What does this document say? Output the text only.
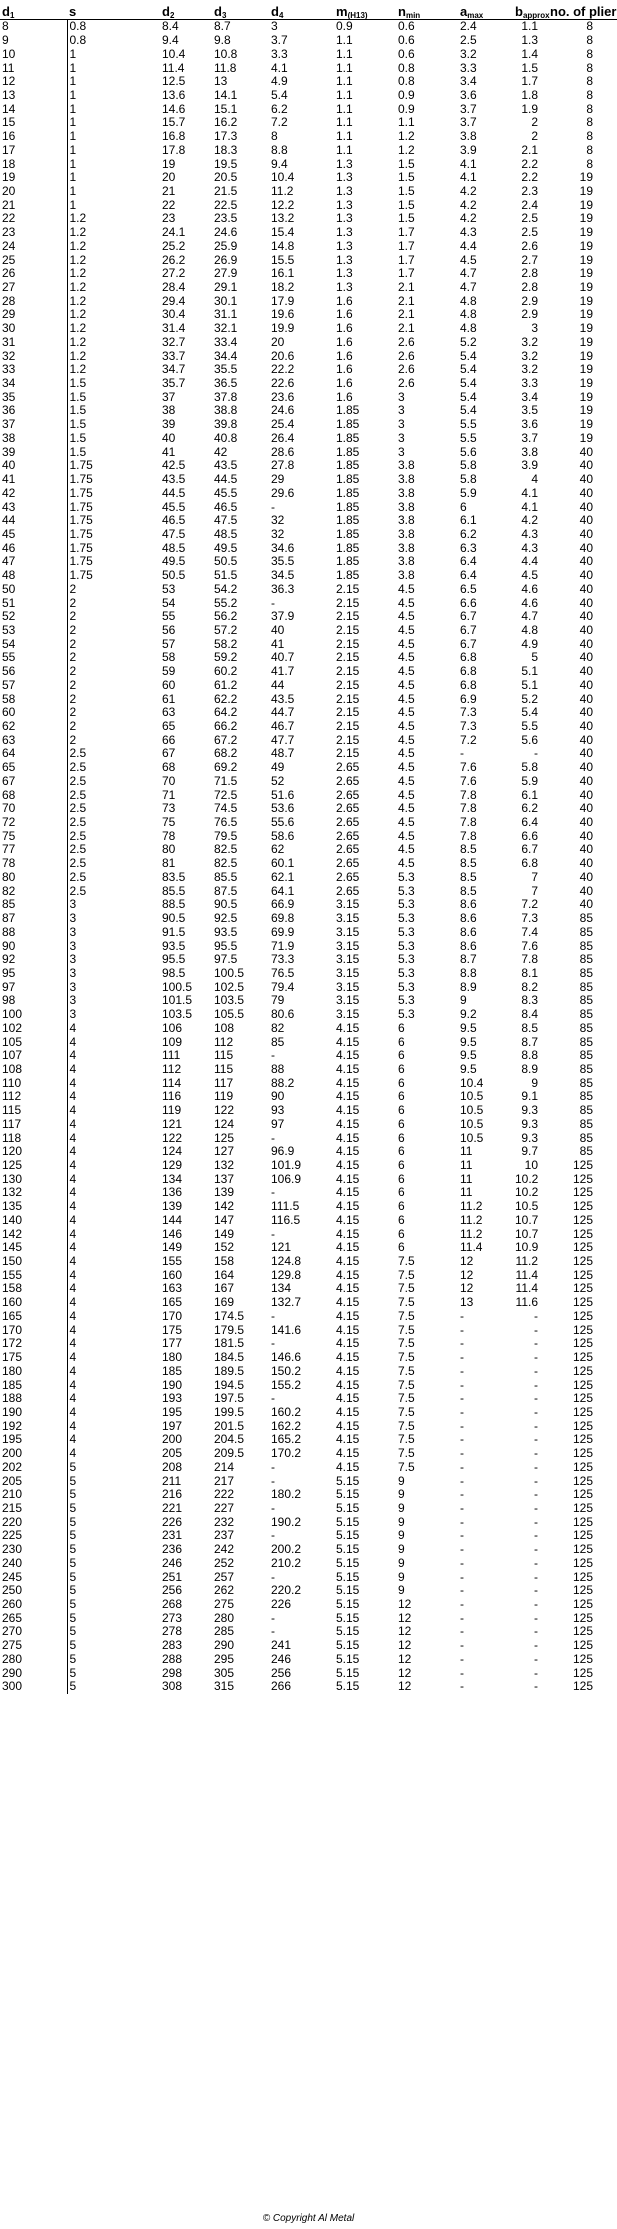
$d_1$	s	$d_2$	$d_3$	$d_4$	$m_{(H13)}$	$n_{min}$	$a_{max}$	$b_{approx}$	no. of plier
8	0.8	8.4	8.7	3	0.9	0.6	2.4	1.1	8
9	0.8	9.4	9.8	3.7	1.1	0.6	2.5	1.3	8
10	1	10.4	10.8	3.3	1.1	0.6	3.2	1.4	8
11	1	11.4	11.8	4.1	1.1	0.8	3.3	1.5	8
12	1	12.5	13	4.9	1.1	0.8	3.4	1.7	8
13	1	13.6	14.1	5.4	1.1	0.9	3.6	1.8	8
14	1	14.6	15.1	6.2	1.1	0.9	3.7	1.9	8
15	1	15.7	16.2	7.2	1.1	1.1	3.7	2	8
16	1	16.8	17.3	8	1.1	1.2	3.8	2	8
17	1	17.8	18.3	8.8	1.1	1.2	3.9	2.1	8
18	1	19	19.5	9.4	1.3	1.5	4.1	2.2	8
19	1	20	20.5	10.4	1.3	1.5	4.1	2.2	19
20	1	21	21.5	11.2	1.3	1.5	4.2	2.3	19
21	1	22	22.5	12.2	1.3	1.5	4.2	2.4	19
22	1.2	23	23.5	13.2	1.3	1.5	4.2	2.5	19
23	1.2	24.1	24.6	15.4	1.3	1.7	4.3	2.5	19
24	1.2	25.2	25.9	14.8	1.3	1.7	4.4	2.6	19
25	1.2	26.2	26.9	15.5	1.3	1.7	4.5	2.7	19
26	1.2	27.2	27.9	16.1	1.3	1.7	4.7	2.8	19
27	1.2	28.4	29.1	18.2	1.3	2.1	4.7	2.8	19
28	1.2	29.4	30.1	17.9	1.6	2.1	4.8	2.9	19
29	1.2	30.4	31.1	19.6	1.6	2.1	4.8	2.9	19
30	1.2	31.4	32.1	19.9	1.6	2.1	4.8	3	19
31	1.2	32.7	33.4	20	1.6	2.6	5.2	3.2	19
32	1.2	33.7	34.4	20.6	1.6	2.6	5.4	3.2	19
33	1.2	34.7	35.5	22.2	1.6	2.6	5.4	3.2	19
34	1.5	35.7	36.5	22.6	1.6	2.6	5.4	3.3	19
35	1.5	37	37.8	23.6	1.6	3	5.4	3.4	19
36	1.5	38	38.8	24.6	1.85	3	5.4	3.5	19
37	1.5	39	39.8	25.4	1.85	3	5.5	3.6	19
38	1.5	40	40.8	26.4	1.85	3	5.5	3.7	19
39	1.5	41	42	28.6	1.85	3	5.6	3.8	40
40	1.75	42.5	43.5	27.8	1.85	3.8	5.8	3.9	40
41	1.75	43.5	44.5	29	1.85	3.8	5.8	4	40
42	1.75	44.5	45.5	29.6	1.85	3.8	5.9	4.1	40
43	1.75	45.5	46.5	-	1.85	3.8	6	4.1	40
44	1.75	46.5	47.5	32	1.85	3.8	6.1	4.2	40
45	1.75	47.5	48.5	32	1.85	3.8	6.2	4.3	40
46	1.75	48.5	49.5	34.6	1.85	3.8	6.3	4.3	40
47	1.75	49.5	50.5	35.5	1.85	3.8	6.4	4.4	40
48	1.75	50.5	51.5	34.5	1.85	3.8	6.4	4.5	40
50	2	53	54.2	36.3	2.15	4.5	6.5	4.6	40
51	2	54	55.2	-	2.15	4.5	6.6	4.6	40
52	2	55	56.2	37.9	2.15	4.5	6.7	4.7	40
53	2	56	57.2	40	2.15	4.5	6.7	4.8	40
54	2	57	58.2	41	2.15	4.5	6.7	4.9	40
55	2	58	59.2	40.7	2.15	4.5	6.8	5	40
56	2	59	60.2	41.7	2.15	4.5	6.8	5.1	40
57	2	60	61.2	44	2.15	4.5	6.8	5.1	40
58	2	61	62.2	43.5	2.15	4.5	6.9	5.2	40
60	2	63	64.2	44.7	2.15	4.5	7.3	5.4	40
62	2	65	66.2	46.7	2.15	4.5	7.3	5.5	40
63	2	66	67.2	47.7	2.15	4.5	7.2	5.6	40
64	2.5	67	68.2	48.7	2.15	4.5	-	-	40
65	2.5	68	69.2	49	2.65	4.5	7.6	5.8	40
67	2.5	70	71.5	52	2.65	4.5	7.6	5.9	40
68	2.5	71	72.5	51.6	2.65	4.5	7.8	6.1	40
70	2.5	73	74.5	53.6	2.65	4.5	7.8	6.2	40
72	2.5	75	76.5	55.6	2.65	4.5	7.8	6.4	40
75	2.5	78	79.5	58.6	2.65	4.5	7.8	6.6	40
77	2.5	80	82.5	62	2.65	4.5	8.5	6.7	40
78	2.5	81	82.5	60.1	2.65	4.5	8.5	6.8	40
80	2.5	83.5	85.5	62.1	2.65	5.3	8.5	7	40
82	2.5	85.5	87.5	64.1	2.65	5.3	8.5	7	40
85	3	88.5	90.5	66.9	3.15	5.3	8.6	7.2	40
87	3	90.5	92.5	69.8	3.15	5.3	8.6	7.3	85
88	3	91.5	93.5	69.9	3.15	5.3	8.6	7.4	85
90	3	93.5	95.5	71.9	3.15	5.3	8.6	7.6	85
92	3	95.5	97.5	73.3	3.15	5.3	8.7	7.8	85
95	3	98.5	100.5	76.5	3.15	5.3	8.8	8.1	85
97	3	100.5	102.5	79.4	3.15	5.3	8.9	8.2	85
98	3	101.5	103.5	79	3.15	5.3	9	8.3	85
100	3	103.5	105.5	80.6	3.15	5.3	9.2	8.4	85
102	4	106	108	82	4.15	6	9.5	8.5	85
105	4	109	112	85	4.15	6	9.5	8.7	85
107	4	111	115	-	4.15	6	9.5	8.8	85
108	4	112	115	88	4.15	6	9.5	8.9	85
110	4	114	117	88.2	4.15	6	10.4	9	85
112	4	116	119	90	4.15	6	10.5	9.1	85
115	4	119	122	93	4.15	6	10.5	9.3	85
117	4	121	124	97	4.15	6	10.5	9.3	85
118	4	122	125	-	4.15	6	10.5	9.3	85
120	4	124	127	96.9	4.15	6	11	9.7	85
125	4	129	132	101.9	4.15	6	11	10	125
130	4	134	137	106.9	4.15	6	11	10.2	125
132	4	136	139	-	4.15	6	11	10.2	125
135	4	139	142	111.5	4.15	6	11.2	10.5	125
140	4	144	147	116.5	4.15	6	11.2	10.7	125
142	4	146	149	-	4.15	6	11.2	10.7	125
145	4	149	152	121	4.15	6	11.4	10.9	125
150	4	155	158	124.8	4.15	7.5	12	11.2	125
155	4	160	164	129.8	4.15	7.5	12	11.4	125
158	4	163	167	134	4.15	7.5	12	11.4	125
160	4	165	169	132.7	4.15	7.5	13	11.6	125
165	4	170	174.5	-	4.15	7.5	-	-	125
170	4	175	179.5	141.6	4.15	7.5	-	-	125
172	4	177	181.5	-	4.15	7.5	-	-	125
175	4	180	184.5	146.6	4.15	7.5	-	-	125
180	4	185	189.5	150.2	4.15	7.5	-	-	125
185	4	190	194.5	155.2	4.15	7.5	-	-	125
188	4	193	197.5	-	4.15	7.5	-	-	125
190	4	195	199.5	160.2	4.15	7.5	-	-	125
192	4	197	201.5	162.2	4.15	7.5	-	-	125
195	4	200	204.5	165.2	4.15	7.5	-	-	125
200	4	205	209.5	170.2	4.15	7.5	-	-	125
202	5	208	214	-	4.15	7.5	-	-	125
205	5	211	217	-	5.15	9	-	-	125
210	5	216	222	180.2	5.15	9	-	-	125
215	5	221	227	-	5.15	9	-	-	125
220	5	226	232	190.2	5.15	9	-	-	125
225	5	231	237	-	5.15	9	-	-	125
230	5	236	242	200.2	5.15	9	-	-	125
240	5	246	252	210.2	5.15	9	-	-	125
245	5	251	257	-	5.15	9	-	-	125
250	5	256	262	220.2	5.15	9	-	-	125
260	5	268	275	226	5.15	12	-	-	125
265	5	273	280	-	5.15	12	-	-	125
270	5	278	285	-	5.15	12	-	-	125
275	5	283	290	241	5.15	12	-	-	125
280	5	288	295	246	5.15	12	-	-	125
290	5	298	305	256	5.15	12	-	-	125
300	5	308	315	266	5.15	12	-	-	125
© Copyright Al Metal
